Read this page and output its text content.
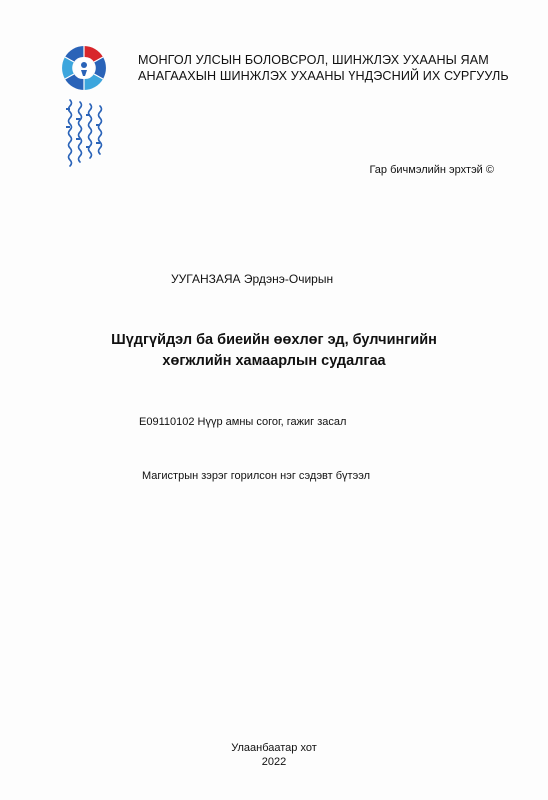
МОНГОЛ УЛСЫН БОЛОВСРОЛ, ШИНЖЛЭХ УХААНЫ ЯАМ
АНАГААХЫН ШИНЖЛЭХ УХААНЫ ҮНДЭСНИЙ ИХ СУРГУУЛЬ
Гар бичмэлийн эрхтэй ©
УУГАНЗАЯА Эрдэнэ-Очирын
Шүдгүйдэл ба биеийн өөхлөг эд, булчингийн
хөгжлийн хамаарлын судалгаа
E09110102 Нүүр амны согог, гажиг засал
Магистрын зэрэг горилсон нэг сэдэвт бүтээл
Улаанбаатар хот
2022
